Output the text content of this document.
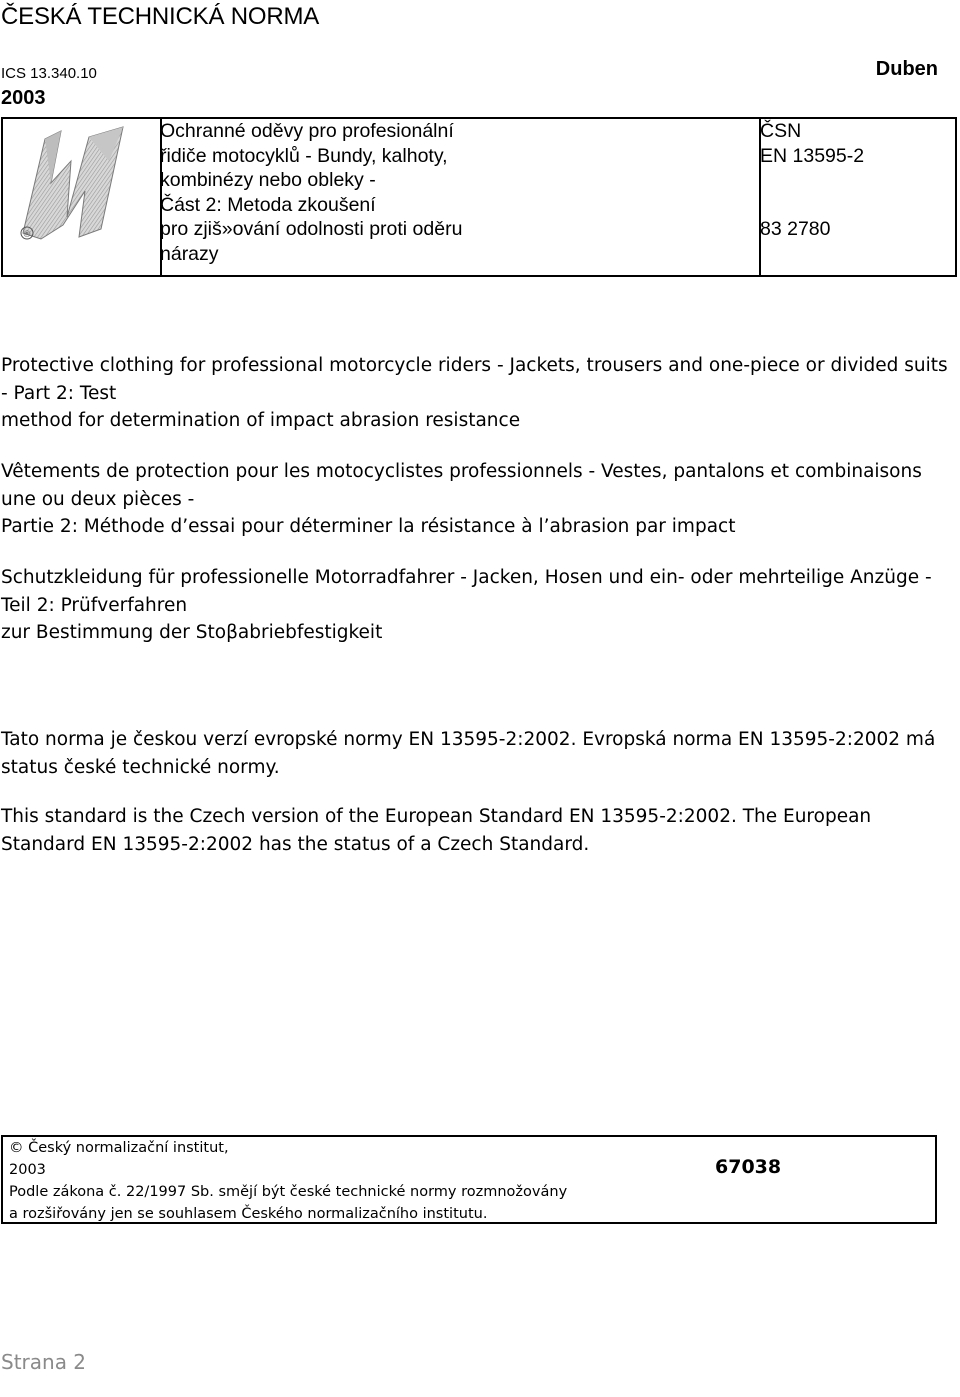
ČESKÁ TECHNICKÁ NORMA
ICS 13.340.10	Duben
2003
®
Ochranné oděvy pro profesionální
řidiče motocyklů - Bundy, kalhoty,
kombinézy nebo obleky -
Část 2: Metoda zkoušení
pro zjiš»ování odolnosti proti oděru
nárazy
ČSN
EN 13595-2
83 2780
Protective clothing for professional motorcycle riders - Jackets, trousers and one-piece or divided suits
- Part 2: Test
method for determination of impact abrasion resistance
Vêtements de protection pour les motocyclistes professionnels - Vestes, pantalons et combinaisons
une ou deux pièces -
Partie 2: Méthode d’essai pour déterminer la résistance à l’abrasion par impact
Schutzkleidung für professionelle Motorradfahrer - Jacken, Hosen und ein- oder mehrteilige Anzüge -
Teil 2: Prüfverfahren
zur Bestimmung der Stoβabriebfestigkeit
Tato norma je českou verzí evropské normy EN 13595-2:2002. Evropská norma EN 13595-2:2002 má
status české technické normy.
This standard is the Czech version of the European Standard EN 13595-2:2002. The European
Standard EN 13595-2:2002 has the status of a Czech Standard.
© Český normalizační institut,
2003
Podle zákona č. 22/1997 Sb. smějí být české technické normy rozmnožovány
a rozšiřovány jen se souhlasem Českého normalizačního institutu.
67038
Strana 2
